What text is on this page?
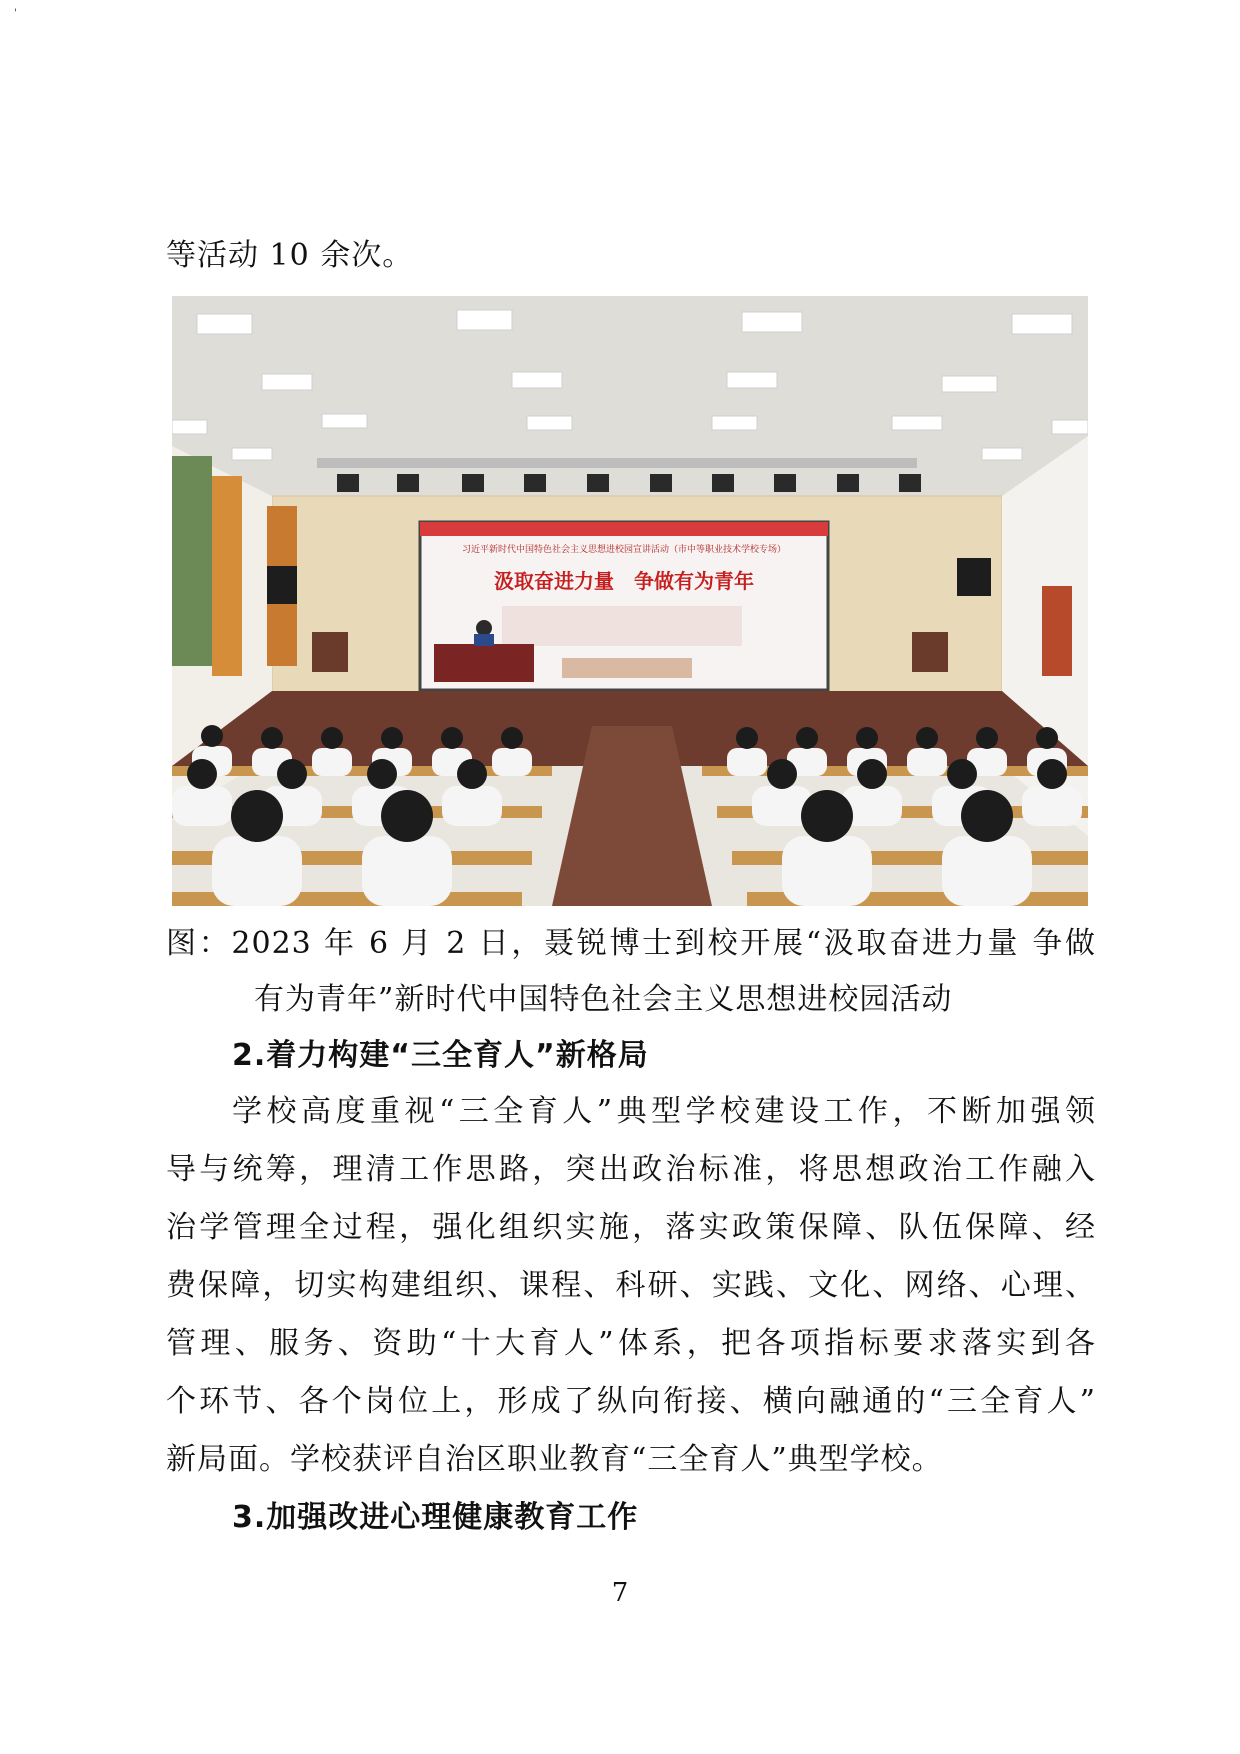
'
等活动 10 余次。
习近平新时代中国特色社会主义思想进校园宣讲活动（市中等职业技术学校专场）
汲取奋进力量　争做有为青年
图：2023 年 6 月 2 日，聂锐博士到校开展“汲取奋进力量 争做
有为青年”新时代中国特色社会主义思想进校园活动
2.着力构建“三全育人”新格局
学校高度重视“三全育人”典型学校建设工作，不断加强领
导与统筹，理清工作思路，突出政治标准，将思想政治工作融入
治学管理全过程，强化组织实施，落实政策保障、队伍保障、经
费保障，切实构建组织、课程、科研、实践、文化、网络、心理、
管理、服务、资助“十大育人”体系，把各项指标要求落实到各
个环节、各个岗位上，形成了纵向衔接、横向融通的“三全育人”
新局面。学校获评自治区职业教育“三全育人”典型学校。
3.加强改进心理健康教育工作
7
